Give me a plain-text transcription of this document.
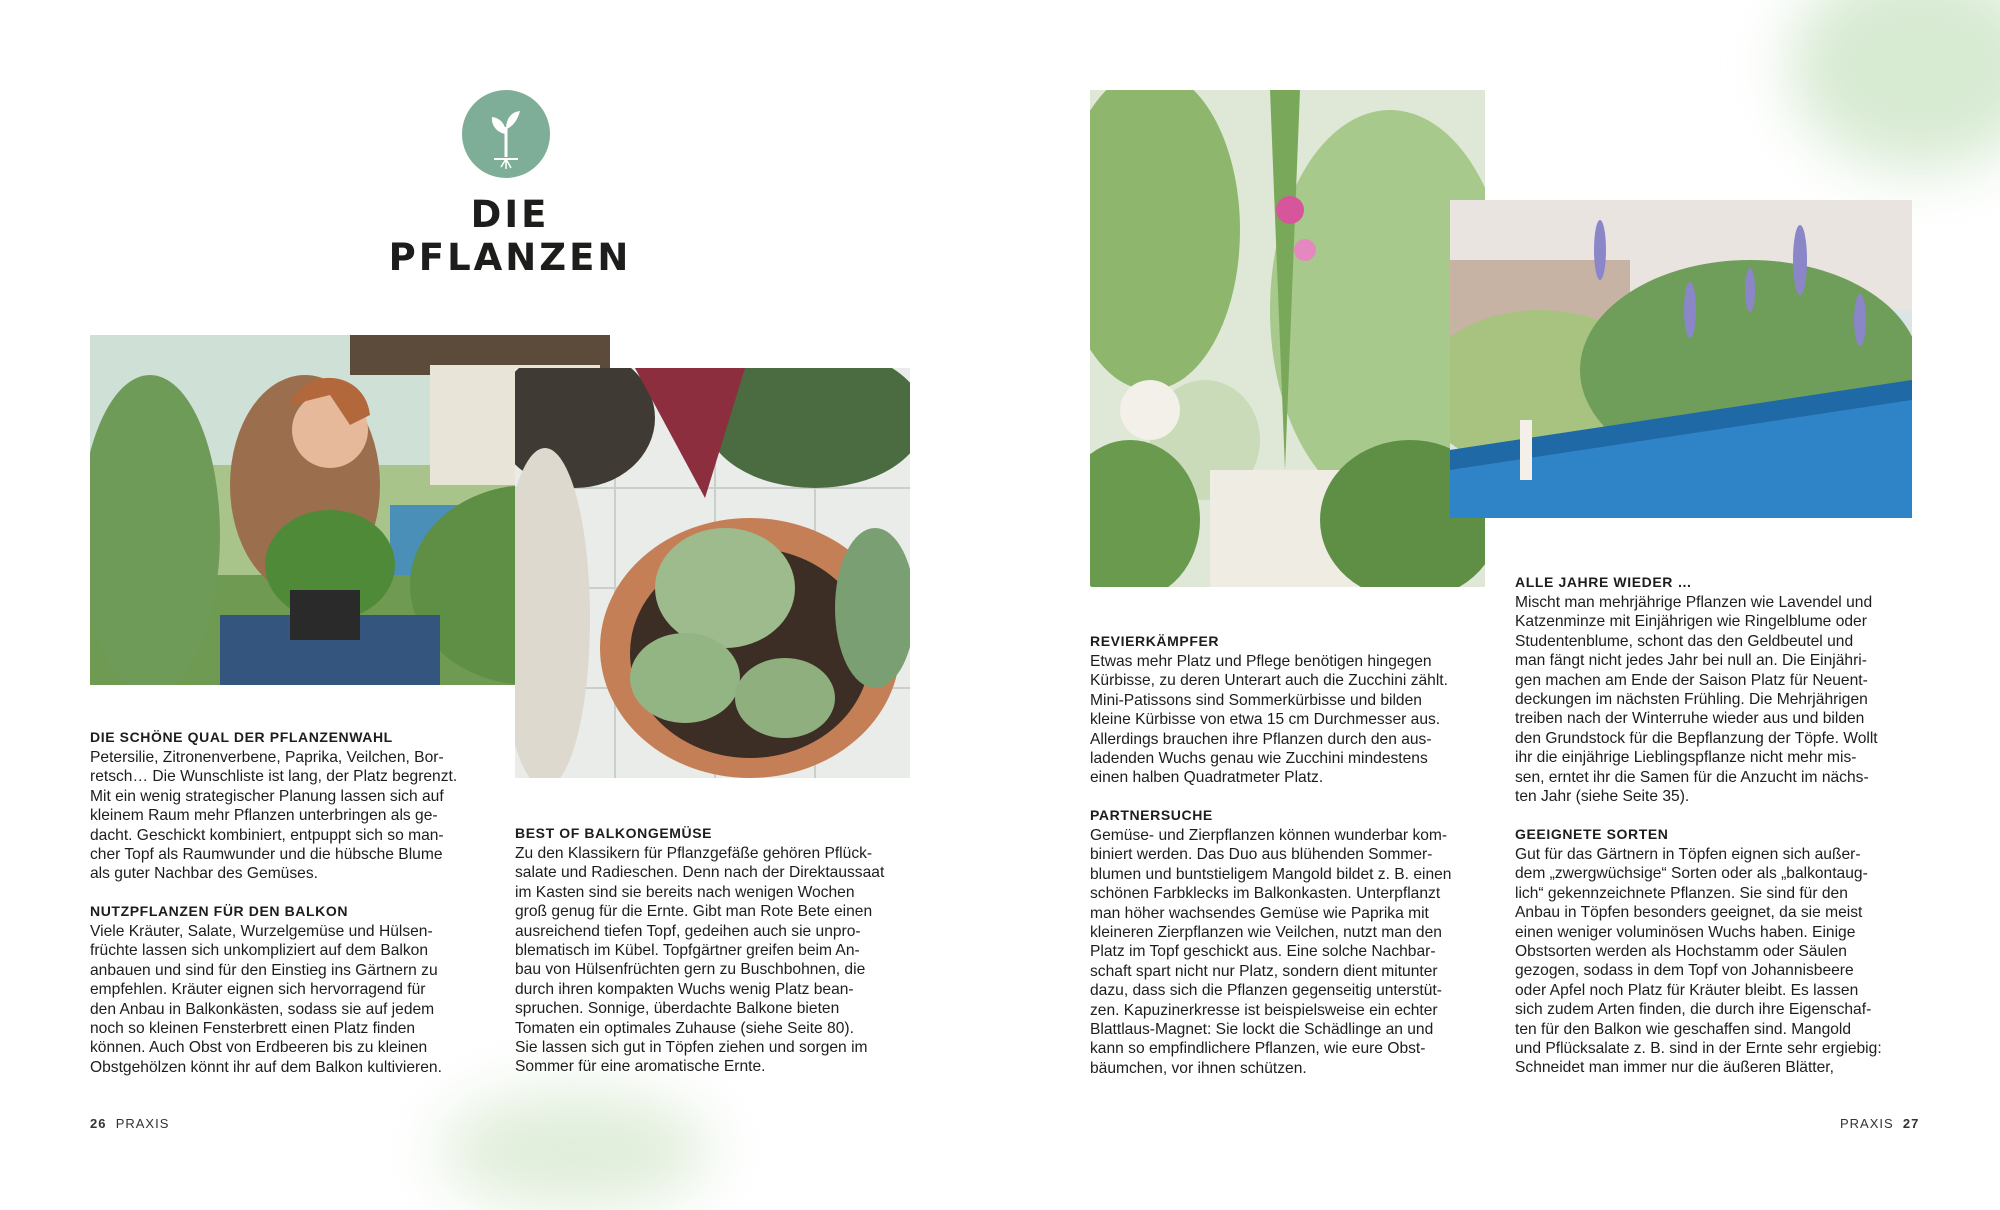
DIE PFLANZEN
DIE SCHÖNE QUAL DER PFLANZENWAHL

Petersilie, Zitronenverbene, Paprika, Veilchen, Bor-
retsch… Die Wunschliste ist lang, der Platz begrenzt.
Mit ein wenig strategischer Planung lassen sich auf
kleinem Raum mehr Pflanzen unterbringen als ge-
dacht. Geschickt kombiniert, entpuppt sich so man-
cher Topf als Raumwunder und die hübsche Blume
als guter Nachbar des Gemüses.

NUTZPFLANZEN FÜR DEN BALKON

Viele Kräuter, Salate, Wurzelgemüse und Hülsen-
früchte lassen sich unkompliziert auf dem Balkon
anbauen und sind für den Einstieg ins Gärtnern zu
empfehlen. Kräuter eignen sich hervorragend für
den Anbau in Balkonkästen, sodass sie auf jedem
noch so kleinen Fensterbrett einen Platz finden
können. Auch Obst von Erdbeeren bis zu kleinen
Obstgehölzen könnt ihr auf dem Balkon kultivieren.

BEST OF BALKONGEMÜSE

Zu den Klassikern für Pflanzgefäße gehören Pflück-
salate und Radieschen. Denn nach der Direktaussaat
im Kasten sind sie bereits nach wenigen Wochen
groß genug für die Ernte. Gibt man Rote Bete einen
ausreichend tiefen Topf, gedeihen auch sie unpro-
blematisch im Kübel. Topfgärtner greifen beim An-
bau von Hülsenfrüchten gern zu Buschbohnen, die
durch ihren kompakten Wuchs wenig Platz bean-
spruchen. Sonnige, überdachte Balkone bieten
Tomaten ein optimales Zuhause (siehe Seite 80).
Sie lassen sich gut in Töpfen ziehen und sorgen im
Sommer für eine aromatische Ernte.

REVIERKÄMPFER

Etwas mehr Platz und Pflege benötigen hingegen
Kürbisse, zu deren Unterart auch die Zucchini zählt.
Mini-Patissons sind Sommerkürbisse und bilden
kleine Kürbisse von etwa 15 cm Durchmesser aus.
Allerdings brauchen ihre Pflanzen durch den aus-
ladenden Wuchs genau wie Zucchini mindestens
einen halben Quadratmeter Platz.

PARTNERSUCHE

Gemüse- und Zierpflanzen können wunderbar kom-
biniert werden. Das Duo aus blühenden Sommer-
blumen und buntstieligem Mangold bildet z. B. einen
schönen Farbklecks im Balkonkasten. Unterpflanzt
man höher wachsendes Gemüse wie Paprika mit
kleineren Zierpflanzen wie Veilchen, nutzt man den
Platz im Topf geschickt aus. Eine solche Nachbar-
schaft spart nicht nur Platz, sondern dient mitunter
dazu, dass sich die Pflanzen gegenseitig unterstüt-
zen. Kapuzinerkresse ist beispielsweise ein echter
Blattlaus-Magnet: Sie lockt die Schädlinge an und
kann so empfindlichere Pflanzen, wie eure Obst-
bäumchen, vor ihnen schützen.

ALLE JAHRE WIEDER …

Mischt man mehrjährige Pflanzen wie Lavendel und
Katzenminze mit Einjährigen wie Ringelblume oder
Studentenblume, schont das den Geldbeutel und
man fängt nicht jedes Jahr bei null an. Die Einjähri-
gen machen am Ende der Saison Platz für Neuent-
deckungen im nächsten Frühling. Die Mehrjährigen
treiben nach der Winterruhe wieder aus und bilden
den Grundstock für die Bepflanzung der Töpfe. Wollt
ihr die einjährige Lieblingspflanze nicht mehr mis-
sen, erntet ihr die Samen für die Anzucht im nächs-
ten Jahr (siehe Seite 35).

GEEIGNETE SORTEN

Gut für das Gärtnern in Töpfen eignen sich außer-
dem „zwergwüchsige“ Sorten oder als „balkontaug-
lich“ gekennzeichnete Pflanzen. Sie sind für den
Anbau in Töpfen besonders geeignet, da sie meist
einen weniger voluminösen Wuchs haben. Einige
Obstsorten werden als Hochstamm oder Säulen
gezogen, sodass in dem Topf von Johannisbeere
oder Apfel noch Platz für Kräuter bleibt. Es lassen
sich zudem Arten finden, die durch ihre Eigenschaf-
ten für den Balkon wie geschaffen sind. Mangold
und Pflücksalate z. B. sind in der Ernte sehr ergiebig:
Schneidet man immer nur die äußeren Blätter,

26 PRAXIS	PRAXIS 27
